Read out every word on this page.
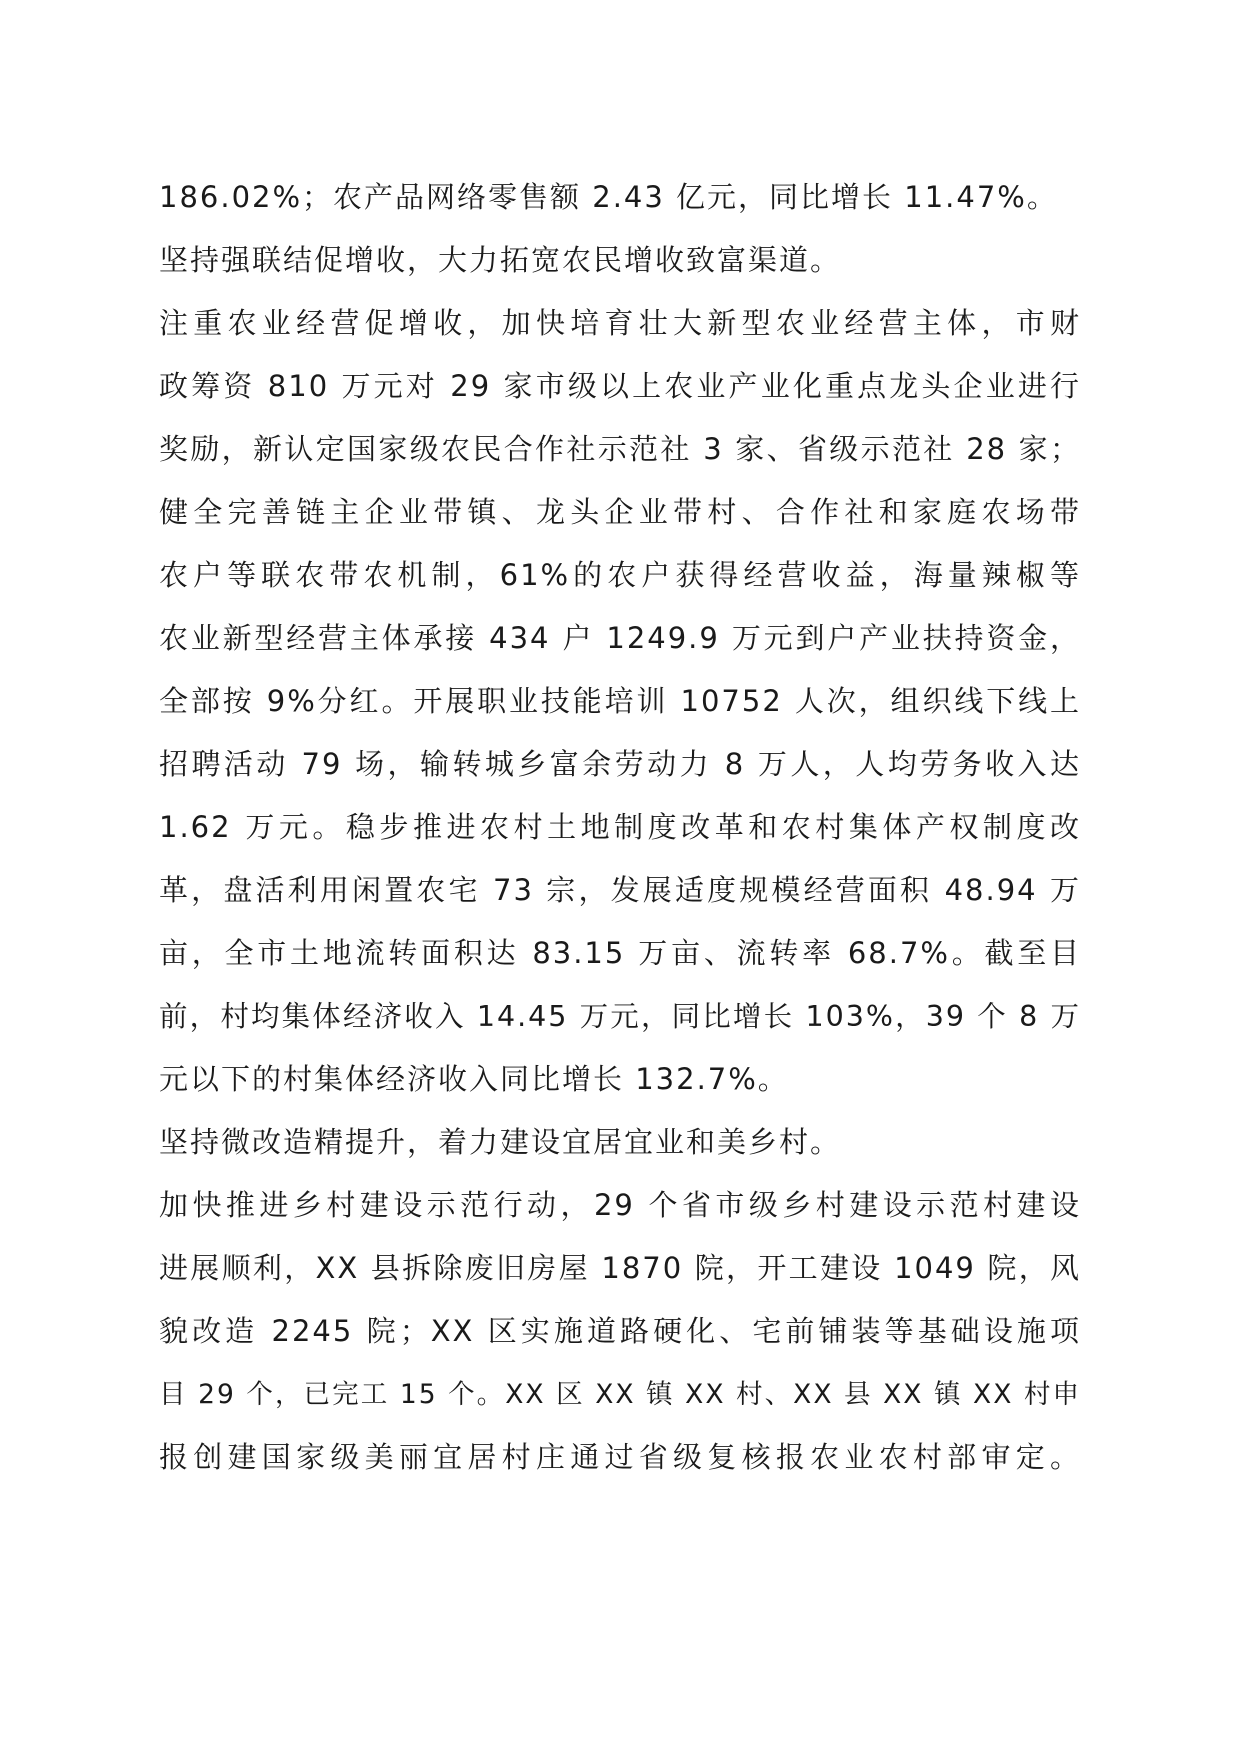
186.02%；农产品网络零售额 2.43 亿元，同比增长 11.47%。
坚持强联结促增收，大力拓宽农民增收致富渠道。
注重农业经营促增收，加快培育壮大新型农业经营主体，市财
政筹资 810 万元对 29 家市级以上农业产业化重点龙头企业进行
奖励，新认定国家级农民合作社示范社 3 家、省级示范社 28 家；
健全完善链主企业带镇、龙头企业带村、合作社和家庭农场带
农户等联农带农机制，61%的农户获得经营收益，海量辣椒等
农业新型经营主体承接 434 户 1249.9 万元到户产业扶持资金，
全部按 9%分红。开展职业技能培训 10752 人次，组织线下线上
招聘活动 79 场，输转城乡富余劳动力 8 万人，人均劳务收入达
1.62 万元。稳步推进农村土地制度改革和农村集体产权制度改
革，盘活利用闲置农宅 73 宗，发展适度规模经营面积 48.94 万
亩，全市土地流转面积达 83.15 万亩、流转率 68.7%。截至目
前，村均集体经济收入 14.45 万元，同比增长 103%，39 个 8 万
元以下的村集体经济收入同比增长 132.7%。
坚持微改造精提升，着力建设宜居宜业和美乡村。
加快推进乡村建设示范行动，29 个省市级乡村建设示范村建设
进展顺利，XX 县拆除废旧房屋 1870 院，开工建设 1049 院，风
貌改造 2245 院；XX 区实施道路硬化、宅前铺装等基础设施项
目 29 个，已完工 15 个。XX 区 XX 镇 XX 村、XX 县 XX 镇 XX 村申
报创建国家级美丽宜居村庄通过省级复核报农业农村部审定。
